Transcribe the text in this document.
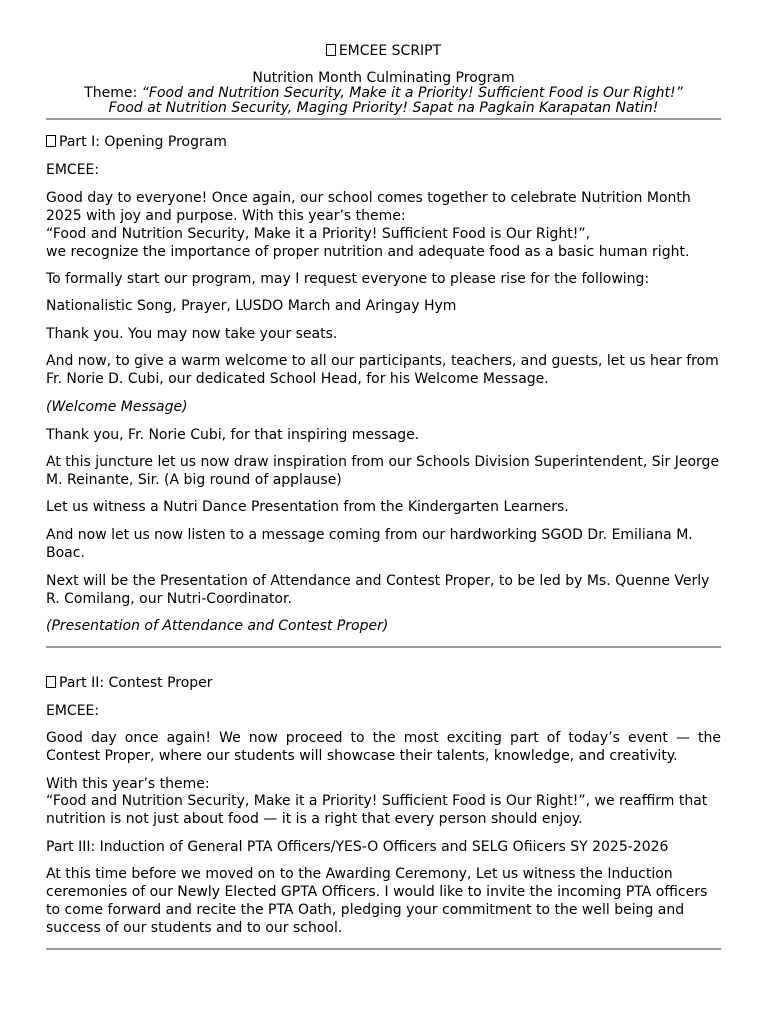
EMCEE SCRIPT
Nutrition Month Culminating Program
Theme: “Food and Nutrition Security, Make it a Priority! Sufficient Food is Our Right!”
Food at Nutrition Security, Maging Priority! Sapat na Pagkain Karapatan Natin!

Part I: Opening Program

EMCEE:

Good day to everyone! Once again, our school comes together to celebrate Nutrition Month 2025 with joy and purpose. With this year’s theme:

“Food and Nutrition Security, Make it a Priority! Sufficient Food is Our Right!”,

we recognize the importance of proper nutrition and adequate food as a basic human right.

To formally start our program, may I request everyone to please rise for the following:

Nationalistic Song, Prayer, LUSDO March and Aringay Hym

Thank you. You may now take your seats.

And now, to give a warm welcome to all our participants, teachers, and guests, let us hear from Fr. Norie D. Cubi, our dedicated School Head, for his Welcome Message.

(Welcome Message)

Thank you, Fr. Norie Cubi, for that inspiring message.

At this juncture let us now draw inspiration from our Schools Division Superintendent, Sir Jeorge M. Reinante, Sir. (A big round of applause)

Let us witness a Nutri Dance Presentation from the Kindergarten Learners.

And now let us now listen to a message coming from our hardworking SGOD Dr. Emiliana M. Boac.

Next will be the Presentation of Attendance and Contest Proper, to be led by Ms. Quenne Verly R. Comilang, our Nutri-Coordinator.

(Presentation of Attendance and Contest Proper)

Part II: Contest Proper

EMCEE:

Good day once again! We now proceed to the most exciting part of today’s event — the Contest Proper, where our students will showcase their talents, knowledge, and creativity.

With this year’s theme:

“Food and Nutrition Security, Make it a Priority! Sufficient Food is Our Right!”, we reaffirm that nutrition is not just about food — it is a right that every person should enjoy.

Part III: Induction of General PTA Officers/YES-O Officers and SELG Ofiicers SY 2025-2026

At this time before we moved on to the Awarding Ceremony, Let us witness the Induction ceremonies of our Newly Elected GPTA Officers. I would like to invite the incoming PTA officers to come forward and recite the PTA Oath, pledging your commitment to the well being and success of our students and to our school.
